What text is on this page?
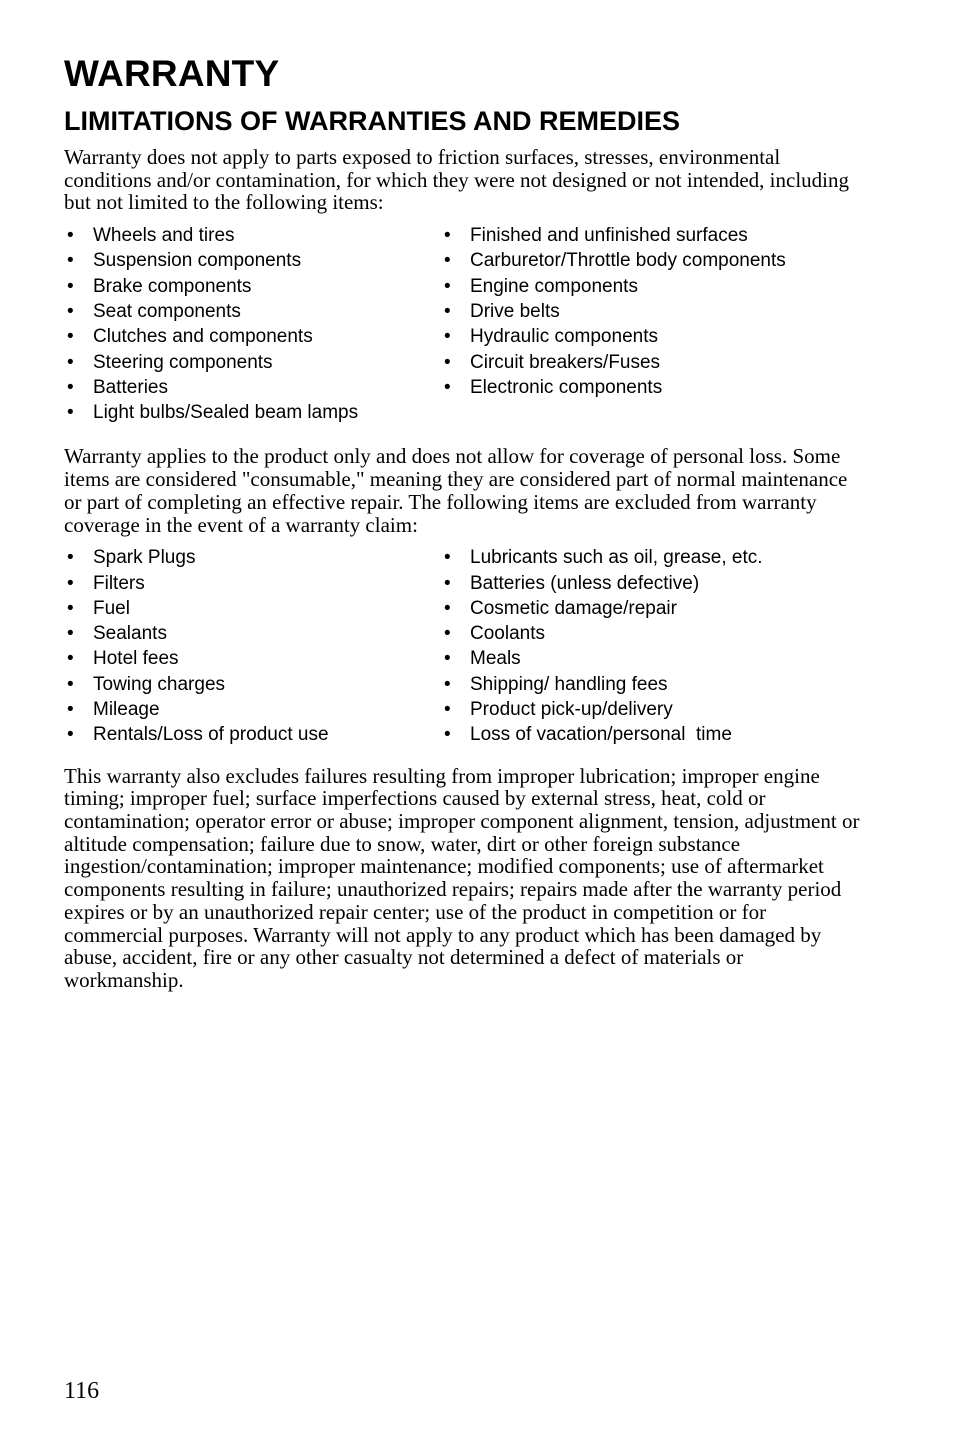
WARRANTY
LIMITATIONS OF WARRANTIES AND REMEDIES

Warranty does not apply to parts exposed to friction surfaces, stresses, environmental conditions and/or contamination, for which they were not designed or not intended, including but not limited to the following items:

• Wheels and tires
• Suspension components
• Brake components
• Seat components
• Clutches and components
• Steering components
• Batteries
• Light bulbs/Sealed beam lamps
• Finished and unfinished surfaces
• Carburetor/Throttle body components
• Engine components
• Drive belts
• Hydraulic components
• Circuit breakers/Fuses
• Electronic components

Warranty applies to the product only and does not allow for coverage of personal loss. Some items are considered "consumable," meaning they are considered part of normal maintenance or part of completing an effective repair. The following items are excluded from warranty coverage in the event of a warranty claim:

• Spark Plugs
• Filters
• Fuel
• Sealants
• Hotel fees
• Towing charges
• Mileage
• Rentals/Loss of product use
• Lubricants such as oil, grease, etc.
• Batteries (unless defective)
• Cosmetic damage/repair
• Coolants
• Meals
• Shipping/ handling fees
• Product pick-up/delivery
• Loss of vacation/personal  time

This warranty also excludes failures resulting from improper lubrication; improper engine timing; improper fuel; surface imperfections caused by external stress, heat, cold or contamination; operator error or abuse; improper component alignment, tension, adjustment or altitude compensation; failure due to snow, water, dirt or other foreign substance ingestion/contamination; improper maintenance; modified components; use of aftermarket components resulting in failure; unauthorized repairs; repairs made after the warranty period expires or by an unauthorized repair center; use of the product in competition or for commercial purposes. Warranty will not apply to any product which has been damaged by abuse, accident, fire or any other casualty not determined a defect of materials or workmanship.

116
